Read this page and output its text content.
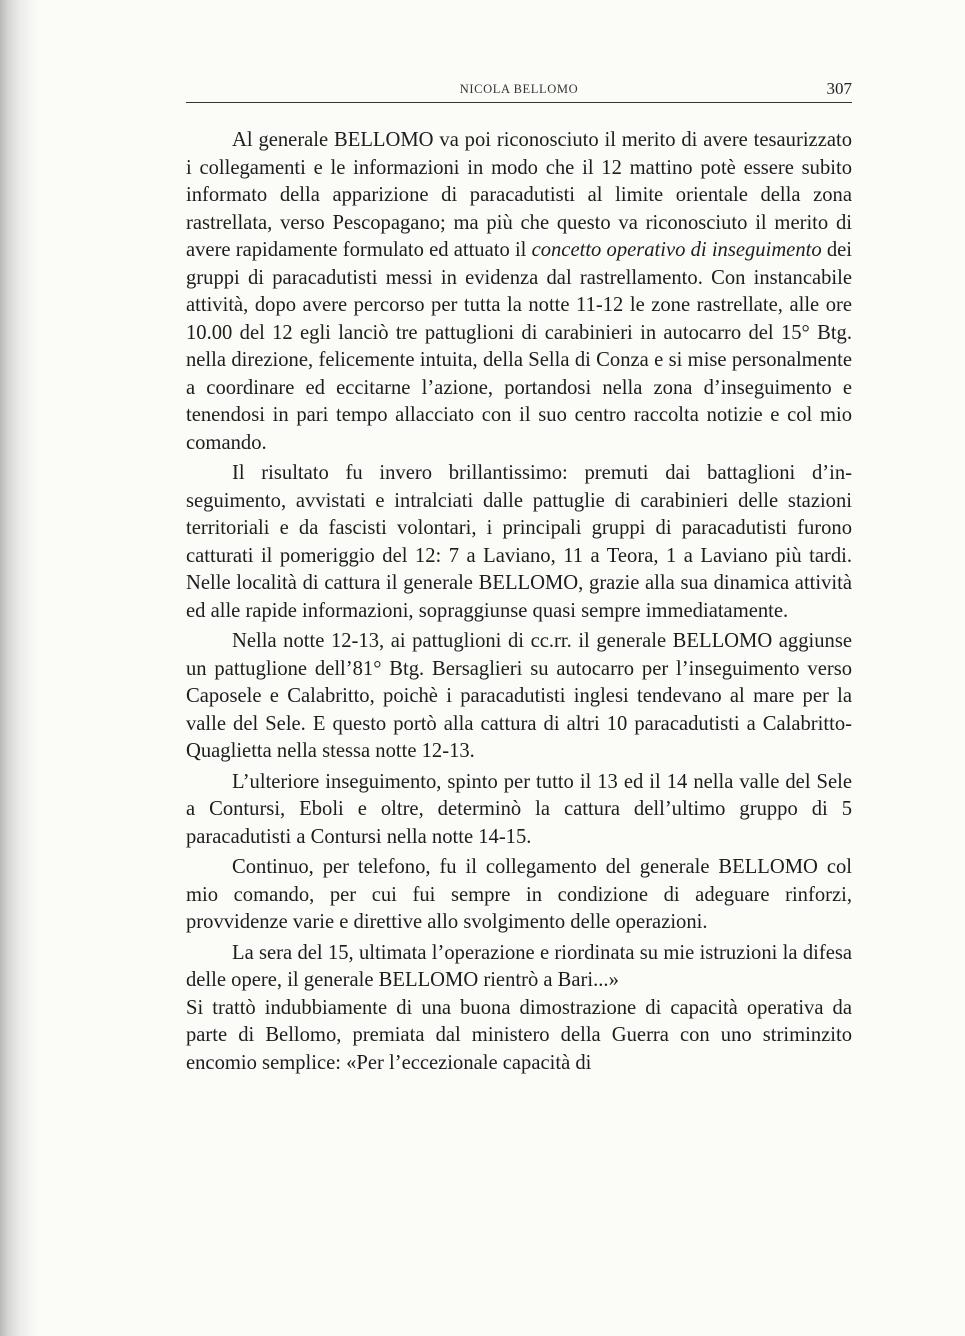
NICOLA BELLOMO	307

Al generale BELLOMO va poi riconosciuto il merito di avere tesaurizzato i collegamenti e le informazioni in modo che il 12 mattino potè essere subito informato della apparizione di paracadutisti al limite orientale della zona rastrellata, verso Pescopagano; ma più che questo va riconosciuto il merito di avere rapidamente formulato ed attuato il concetto operativo di inseguimento dei gruppi di paracadutisti messi in evidenza dal rastrellamento. Con instancabile attività, dopo avere percorso per tutta la notte 11-12 le zone rastrellate, alle ore 10.00 del 12 egli lanciò tre pattuglioni di carabinieri in autocarro del 15° Btg. nella direzione, felicemente intuita, della Sella di Conza e si mise personalmente a coordinare ed eccitarne l’azione, portandosi nella zona d’inseguimento e tenendosi in pari tempo allacciato con il suo centro raccolta notizie e col mio comando.

Il risultato fu invero brillantissimo: premuti dai battaglioni d’inseguimento, avvistati e intralciati dalle pattuglie di carabinieri delle stazioni territoriali e da fascisti volontari, i principali gruppi di paracadutisti furono catturati il pomeriggio del 12: 7 a Laviano, 11 a Teora, 1 a Laviano più tardi. Nelle località di cattura il generale BELLOMO, grazie alla sua dinamica attività ed alle rapide informazioni, sopraggiunse quasi sempre immediatamente.

Nella notte 12-13, ai pattuglioni di cc.rr. il generale BELLOMO aggiunse un pattuglione dell’81° Btg. Bersaglieri su autocarro per l’inseguimento verso Caposele e Calabritto, poichè i paracadutisti inglesi tendevano al mare per la valle del Sele. E questo portò alla cattura di altri 10 paracadutisti a Calabritto-Quaglietta nella stessa notte 12-13.

L’ulteriore inseguimento, spinto per tutto il 13 ed il 14 nella valle del Sele a Contursi, Eboli e oltre, determinò la cattura dell’ultimo gruppo di 5 paracadutisti a Contursi nella notte 14-15.

Continuo, per telefono, fu il collegamento del generale BELLOMO col mio comando, per cui fui sempre in condizione di adeguare rinforzi, provvidenze varie e direttive allo svolgimento delle operazioni.

La sera del 15, ultimata l’operazione e riordinata su mie istruzioni la difesa delle opere, il generale BELLOMO rientrò a Bari...»

Si trattò indubbiamente di una buona dimostrazione di capacità operativa da parte di Bellomo, premiata dal ministero della Guerra con uno striminzito encomio semplice: «Per l’eccezionale capacità di
